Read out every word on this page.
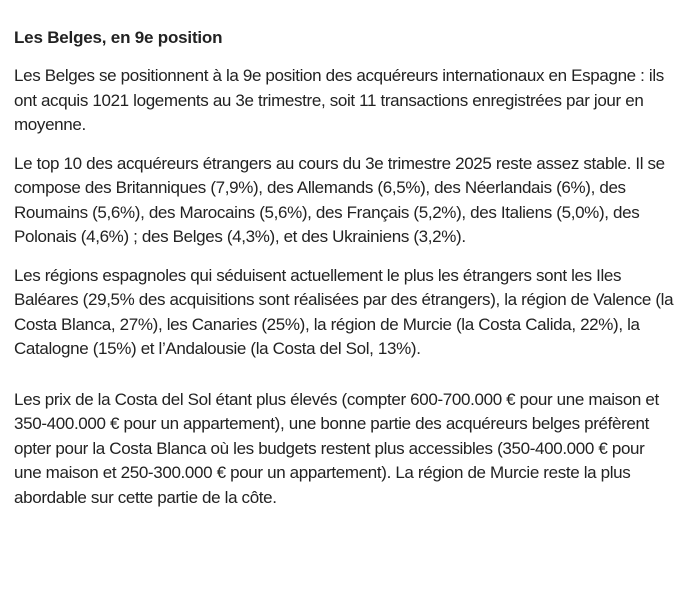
Les Belges, en 9e position

Les Belges se positionnent à la 9e position des acquéreurs internationaux en Espagne : ils ont acquis 1021 logements au 3e trimestre, soit 11 transactions enregistrées par jour en moyenne.

Le top 10 des acquéreurs étrangers au cours du 3e trimestre 2025 reste assez stable. Il se compose des Britanniques (7,9%), des Allemands (6,5%), des Néerlandais (6%), des Roumains (5,6%), des Marocains (5,6%), des Français (5,2%), des Italiens (5,0%), des Polonais (4,6%) ; des Belges (4,3%), et des Ukrainiens (3,2%).

Les régions espagnoles qui séduisent actuellement le plus les étrangers sont les Iles Baléares (29,5% des acquisitions sont réalisées par des étrangers), la région de Valence (la Costa Blanca, 27%), les Canaries (25%), la région de Murcie (la Costa Calida, 22%), la Catalogne (15%) et l’Andalousie (la Costa del Sol, 13%).

Les prix de la Costa del Sol étant plus élevés (compter 600-700.000 € pour une maison et 350-400.000 € pour un appartement), une bonne partie des acquéreurs belges préfèrent opter pour la Costa Blanca où les budgets restent plus accessibles (350-400.000 € pour une maison et 250-300.000 € pour un appartement). La région de Murcie reste la plus abordable sur cette partie de la côte.
